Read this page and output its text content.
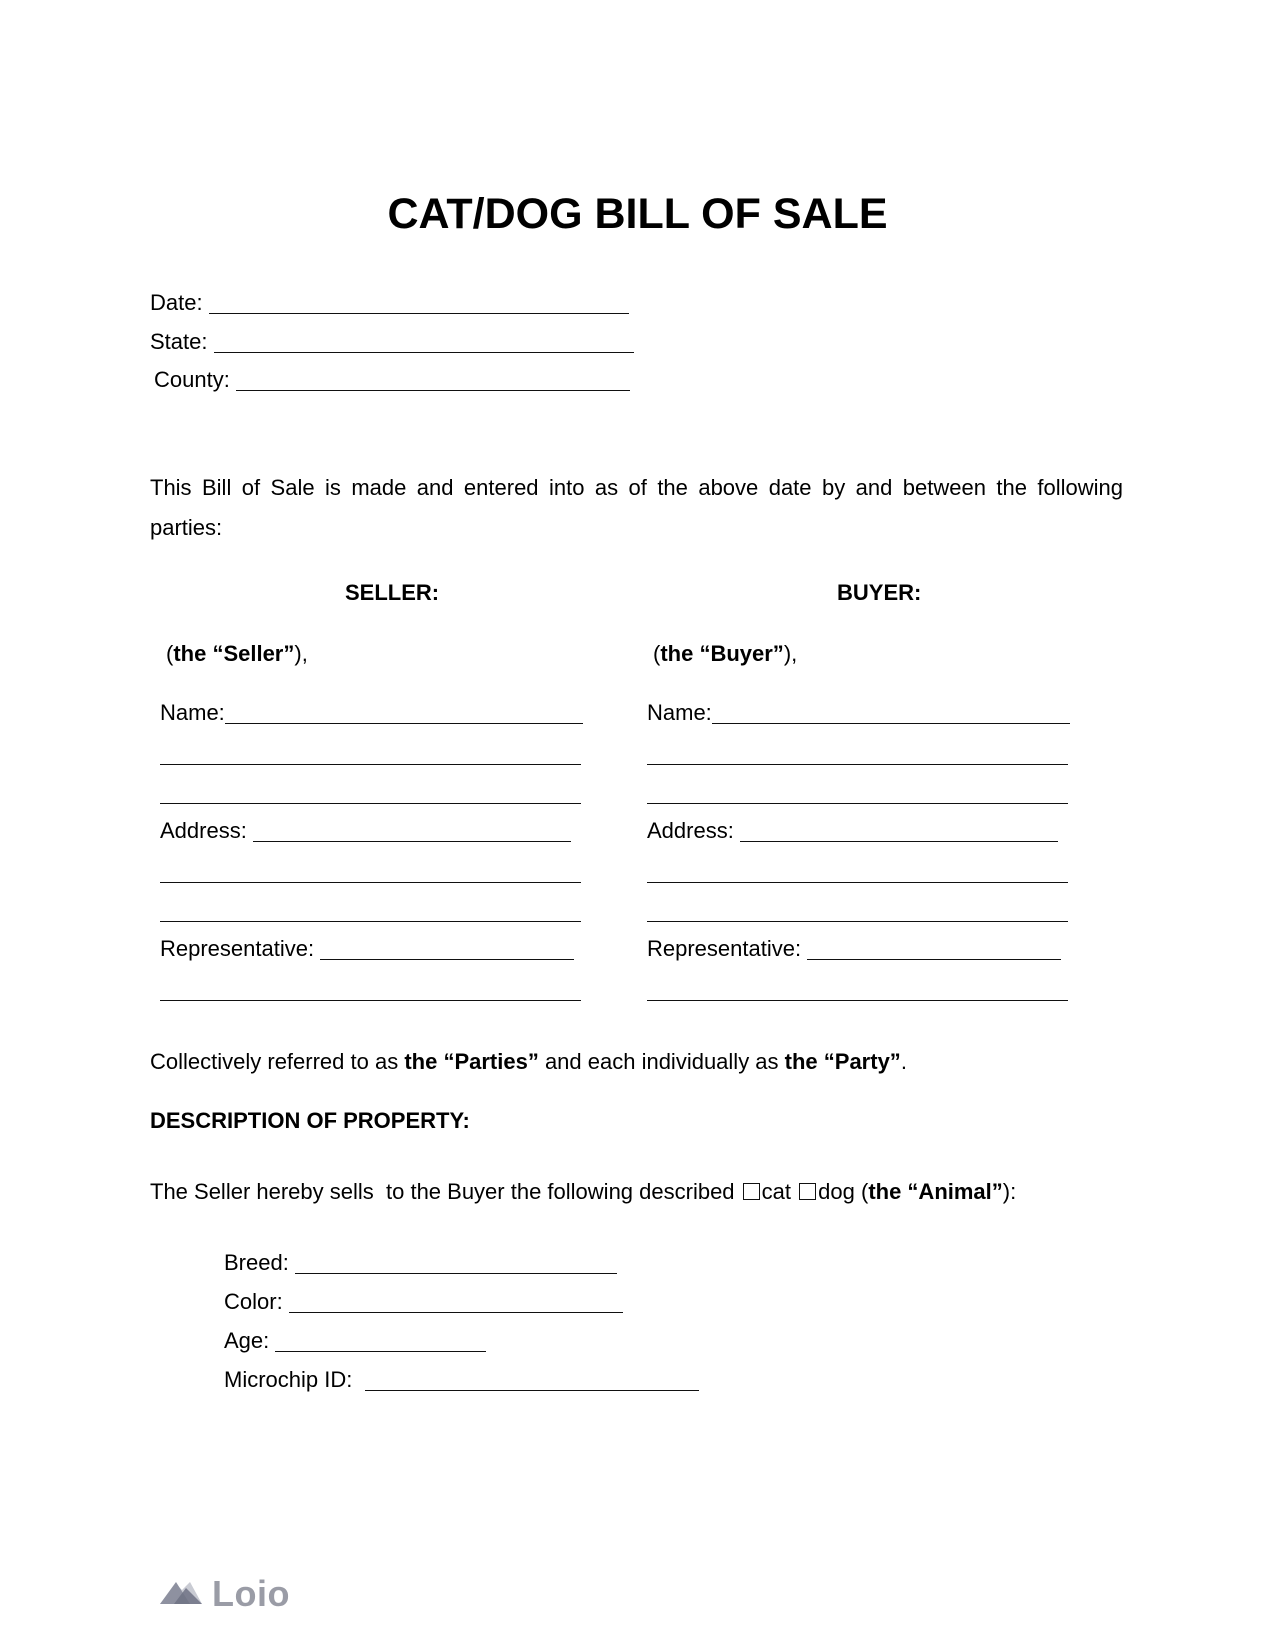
CAT/DOG BILL OF SALE
Date:
State:
County:
This Bill of Sale is made and entered into as of the above date by and between the following parties:
SELLER:	BUYER:
(the “Seller”),	(the “Buyer”),
Name:
Address:
Representative:
Name:
Address:
Representative:
Collectively referred to as the “Parties” and each individually as the “Party”.
DESCRIPTION OF PROPERTY:
The Seller hereby sells  to the Buyer the following described cat dog (the “Animal”):
Breed:
Color:
Age:
Microchip ID:
Loio
